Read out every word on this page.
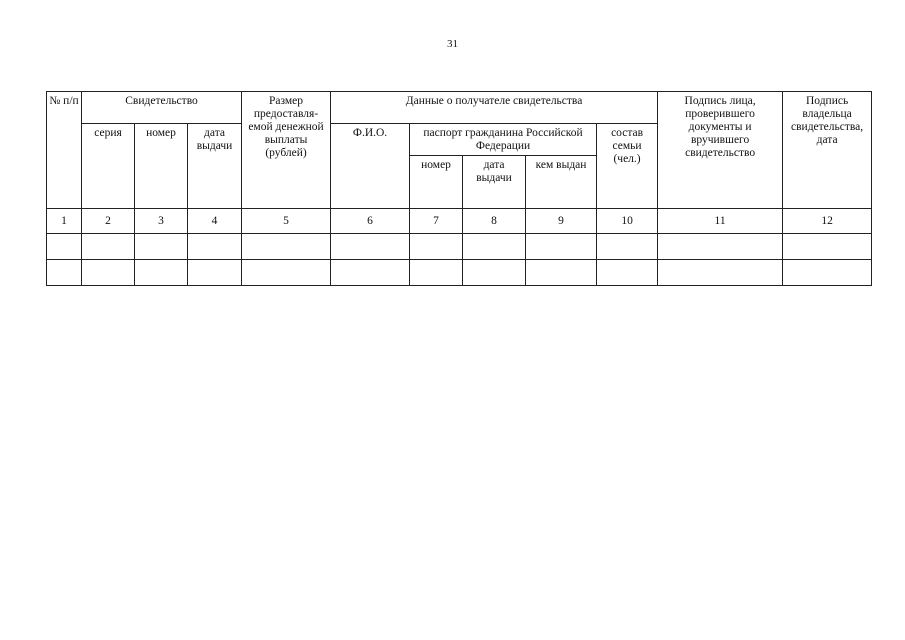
31
№ п/п	Свидетельство			Размер предоставля-емой денежной выплаты (рублей)	Данные о получателе свидетельства					Подпись лица, проверившего документы и вручившего свидетельство	Подпись владельца свидетельства, дата
	серия	номер	дата выдачи		Ф.И.О.	паспорт гражданина Российской Федерации			состав семьи (чел.)		
						номер	дата выдачи	кем выдан			
1	2	3	4	5	6	7	8	9	10	11	12
